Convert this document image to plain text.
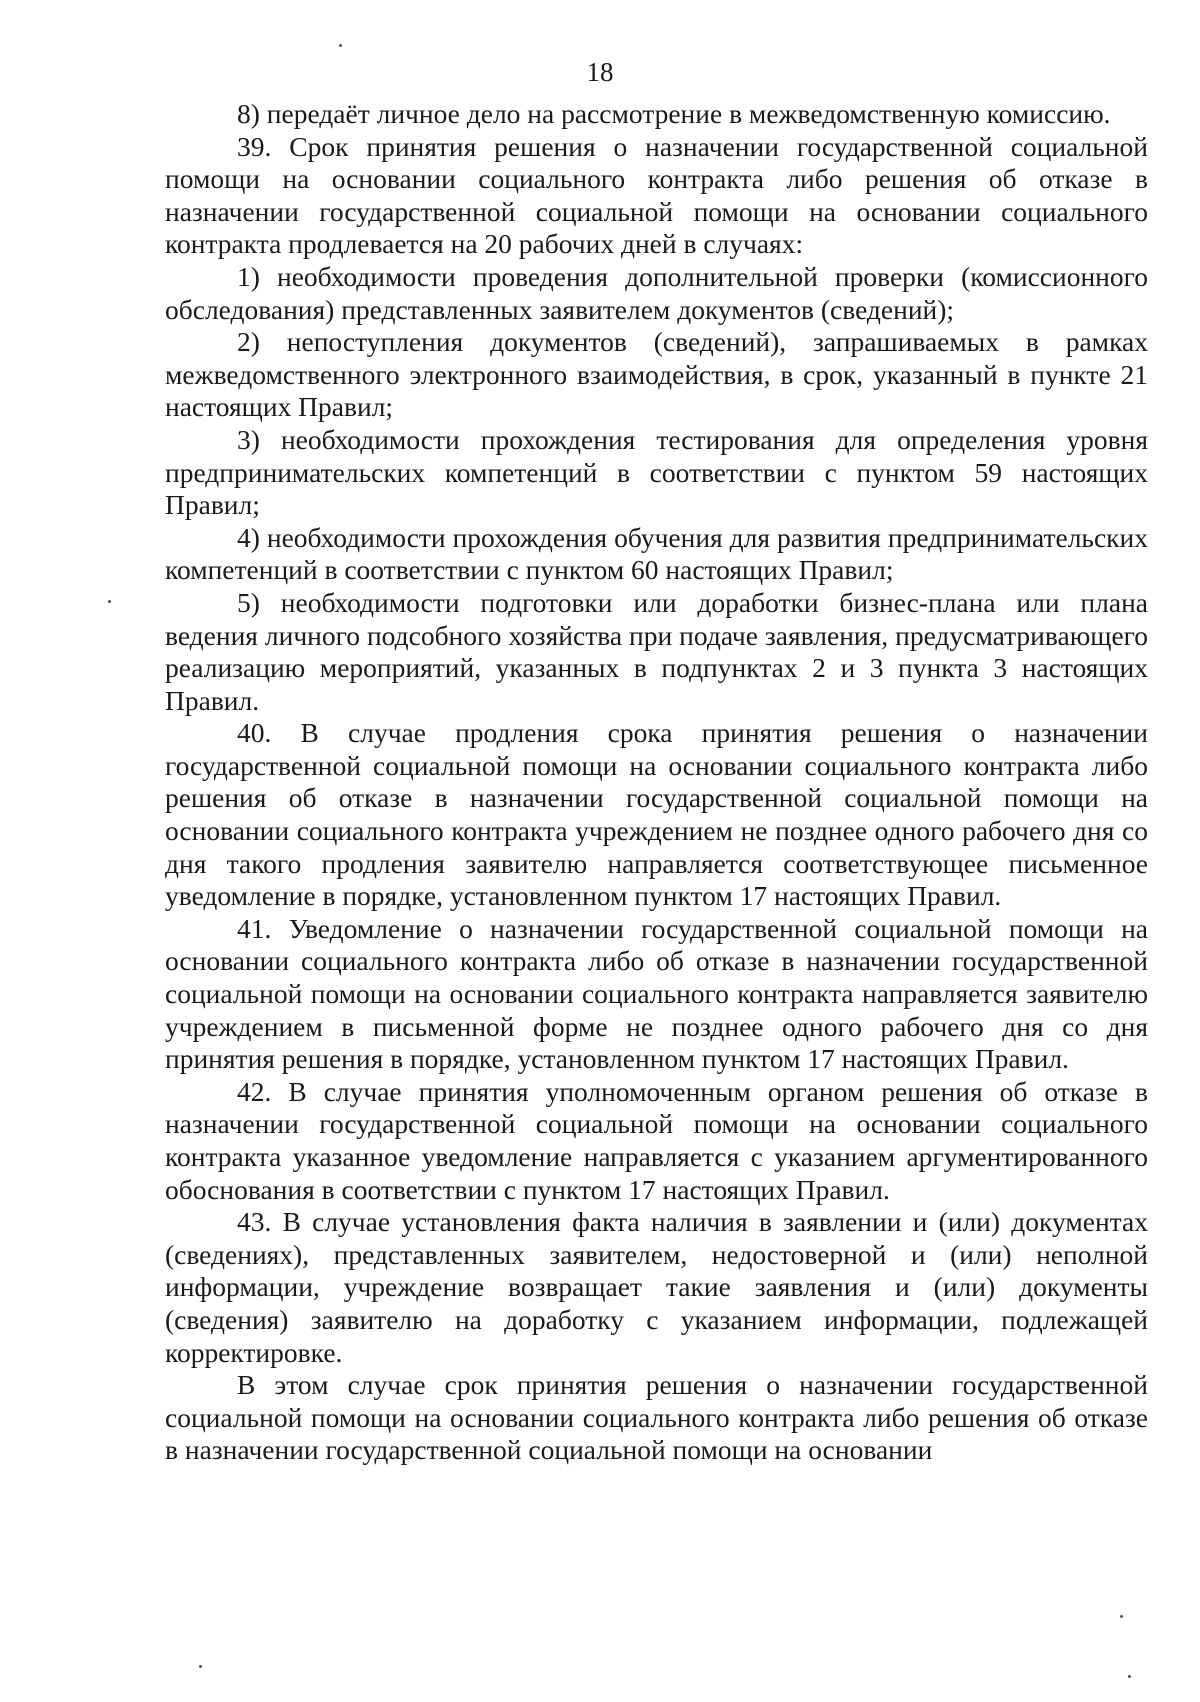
18

8) передаёт личное дело на рассмотрение в межведомственную комиссию.

39. Срок принятия решения о назначении государственной социальной помощи на основании социального контракта либо решения об отказе в назначении государственной социальной помощи на основании социального контракта продлевается на 20 рабочих дней в случаях:

1) необходимости проведения дополнительной проверки (комиссионного обследования) представленных заявителем документов (сведений);

2) непоступления документов (сведений), запрашиваемых в рамках межведомственного электронного взаимодействия, в срок, указанный в пункте 21 настоящих Правил;

3) необходимости прохождения тестирования для определения уровня предпринимательских компетенций в соответствии с пунктом 59 настоящих Правил;

4) необходимости прохождения обучения для развития предпринимательских компетенций в соответствии с пунктом 60 настоящих Правил;

5) необходимости подготовки или доработки бизнес-плана или плана ведения личного подсобного хозяйства при подаче заявления, предусматривающего реализацию мероприятий, указанных в подпунктах 2 и 3 пункта 3 настоящих Правил.

40. В случае продления срока принятия решения о назначении государственной социальной помощи на основании социального контракта либо решения об отказе в назначении государственной социальной помощи на основании социального контракта учреждением не позднее одного рабочего дня со дня такого продления заявителю направляется соответствующее письменное уведомление в порядке, установленном пунктом 17 настоящих Правил.

41. Уведомление о назначении государственной социальной помощи на основании социального контракта либо об отказе в назначении государственной социальной помощи на основании социального контракта направляется заявителю учреждением в письменной форме не позднее одного рабочего дня со дня принятия решения в порядке, установленном пунктом 17 настоящих Правил.

42. В случае принятия уполномоченным органом решения об отказе в назначении государственной социальной помощи на основании социального контракта указанное уведомление направляется с указанием аргументированного обоснования в соответствии с пунктом 17 настоящих Правил.

43. В случае установления факта наличия в заявлении и (или) документах (сведениях), представленных заявителем, недостоверной и (или) неполной информации, учреждение возвращает такие заявления и (или) документы (сведения) заявителю на доработку с указанием информации, подлежащей корректировке.

В этом случае срок принятия решения о назначении государственной социальной помощи на основании социального контракта либо решения об отказе в назначении государственной социальной помощи на основании
